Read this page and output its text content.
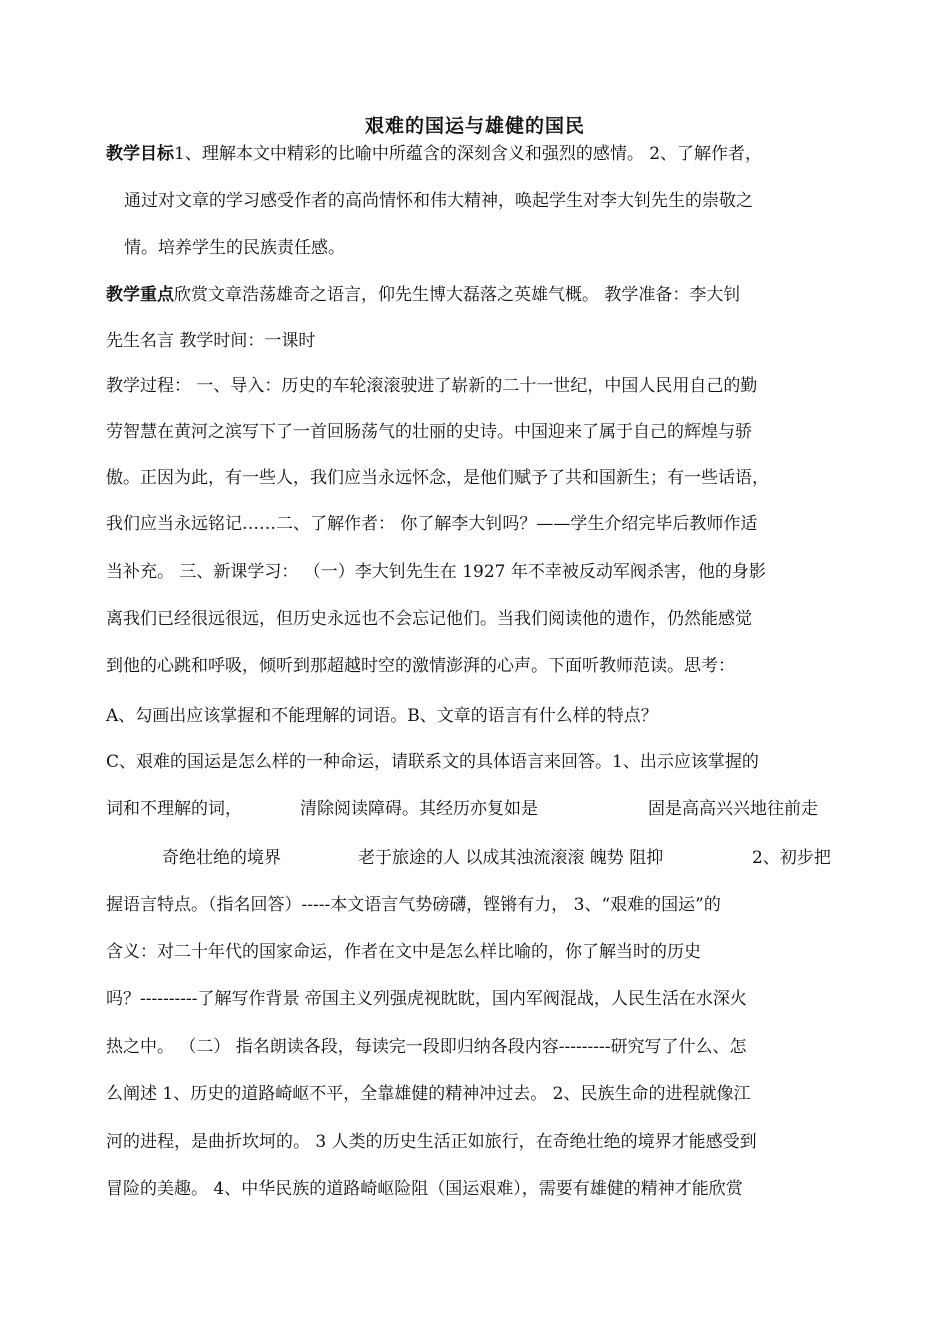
艰难的国运与雄健的国民
教学目标1、理解本文中精彩的比喻中所蕴含的深刻含义和强烈的感情。 2、了解作者，
通过对文章的学习感受作者的高尚情怀和伟大精神，唤起学生对李大钊先生的崇敬之
情。培养学生的民族责任感。
教学重点欣赏文章浩荡雄奇之语言，仰先生博大磊落之英雄气概。 教学准备：李大钊
先生名言 教学时间：一课时
教学过程： 一、导入：历史的车轮滚滚驶进了崭新的二十一世纪，中国人民用自己的勤
劳智慧在黄河之滨写下了一首回肠荡气的壮丽的史诗。中国迎来了属于自己的辉煌与骄
傲。正因为此，有一些人，我们应当永远怀念，是他们赋予了共和国新生；有一些话语，
我们应当永远铭记……二、了解作者： 你了解李大钊吗？——学生介绍完毕后教师作适
当补充。 三、新课学习： （一）李大钊先生在 1927 年不幸被反动军阀杀害，他的身影
离我们已经很远很远，但历史永远也不会忘记他们。当我们阅读他的遗作，仍然能感觉
到他的心跳和呼吸，倾听到那超越时空的激情澎湃的心声。下面听教师范读。思考：
A、勾画出应该掌握和不能理解的词语。B、文章的语言有什么样的特点？
C、艰难的国运是怎么样的一种命运，请联系文的具体语言来回答。1、出示应该掌握的
词和不理解的词，	清除阅读障碍。其经历亦复如是	固是高高兴兴地往前走
奇绝壮绝的境界	老于旅途的人 以成其浊流滚滚 魄势 阻抑	2、初步把
握语言特点。（指名回答）-----本文语言气势磅礴，铿锵有力， 3、“艰难的国运”的
含义：对二十年代的国家命运，作者在文中是怎么样比喻的，你了解当时的历史
吗？----------了解写作背景 帝国主义列强虎视眈眈，国内军阀混战，人民生活在水深火
热之中。 （二） 指名朗读各段，每读完一段即归纳各段内容---------研究写了什么、怎
么阐述 1、历史的道路崎岖不平，全靠雄健的精神冲过去。 2、民族生命的进程就像江
河的进程，是曲折坎坷的。 3 人类的历史生活正如旅行，在奇绝壮绝的境界才能感受到
冒险的美趣。 4、中华民族的道路崎岖险阻（国运艰难），需要有雄健的精神才能欣赏
